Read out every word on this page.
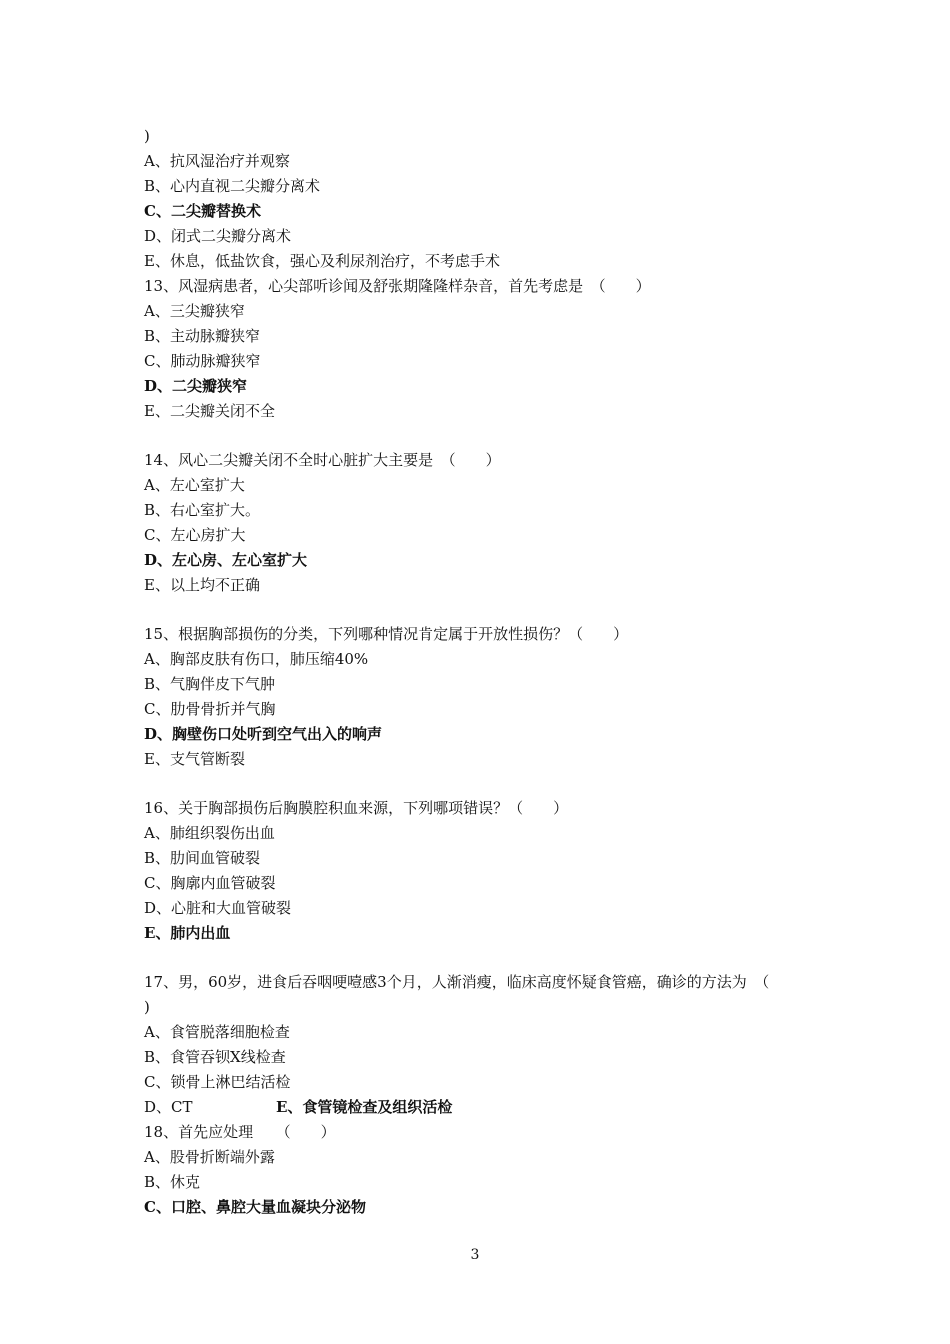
)
A、抗风湿治疗并观察
B、心内直视二尖瓣分离术
C、二尖瓣替换术
D、闭式二尖瓣分离术
E、休息，低盐饮食，强心及利尿剂治疗，不考虑手术
13、风湿病患者，心尖部听诊闻及舒张期隆隆样杂音，首先考虑是　（　　）
A、三尖瓣狭窄
B、主动脉瓣狭窄
C、肺动脉瓣狭窄
D、二尖瓣狭窄
E、二尖瓣关闭不全
14、风心二尖瓣关闭不全时心脏扩大主要是　（　　）
A、左心室扩大
B、右心室扩大。
C、左心房扩大
D、左心房、左心室扩大
E、以上均不正确
15、根据胸部损伤的分类，下列哪种情况肯定属于开放性损伤？（　　）
A、胸部皮肤有伤口，肺压缩40%
B、气胸伴皮下气肿
C、肋骨骨折并气胸
D、胸壁伤口处听到空气出入的响声
E、支气管断裂
16、关于胸部损伤后胸膜腔积血来源，下列哪项错误？（　　）
A、肺组织裂伤出血
B、肋间血管破裂
C、胸廓内血管破裂
D、心脏和大血管破裂
E、肺内出血
17、男，60岁，进食后吞咽哽噎感3个月，人渐消瘦，临床高度怀疑食管癌，确诊的方法为　（
)
A、食管脱落细胞检查
B、食管吞钡X线检查
C、锁骨上淋巴结活检
D、CT	E、食管镜检查及组织活检
18、首先应处理　　（　　）
A、股骨折断端外露
B、休克
C、口腔、鼻腔大量血凝块分泌物
3
